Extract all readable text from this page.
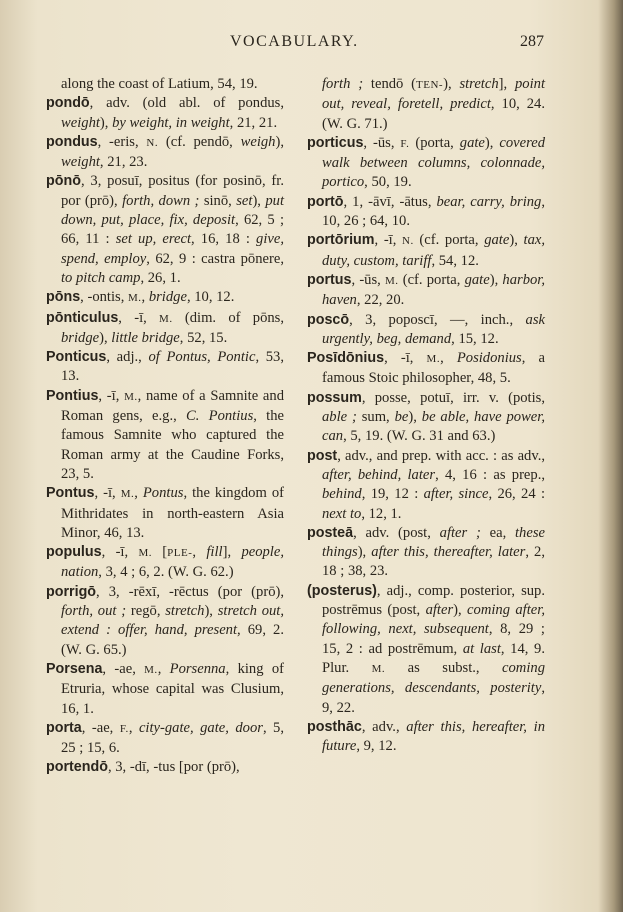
VOCABULARY.	287
along the coast of Latium, 54, 19.
pondō, adv. (old abl. of pondus, weight), by weight, in weight, 21, 21.
pondus, -eris, N. (cf. pendō, weigh), weight, 21, 23.
pōnō, 3, posuī, positus (for posinō, fr. por (prō), forth, down ; sinō, set), put down, put, place, fix, deposit, 62, 5 ; 66, 11 : set up, erect, 16, 18 : give, spend, employ, 62, 9 : castra pōnere, to pitch camp, 26, 1.
pōns, -ontis, M., bridge, 10, 12.
pōnticulus, -ī, M. (dim. of pōns, bridge), little bridge, 52, 15.
Ponticus, adj., of Pontus, Pontic, 53, 13.
Pontius, -ī, M., name of a Samnite and Roman gens, e.g., C. Pontius, the famous Samnite who captured the Roman army at the Caudine Forks, 23, 5.
Pontus, -ī, M., Pontus, the kingdom of Mithridates in north-eastern Asia Minor, 46, 13.
populus, -ī, M. [PLE-, fill], people, nation, 3, 4 ; 6, 2. (W. G. 62.)
porrigō, 3, -rēxī, -rēctus (por (prō), forth, out ; regō, stretch), stretch out, extend : offer, hand, present, 69, 2. (W. G. 65.)
Porsena, -ae, M., Porsenna, king of Etruria, whose capital was Clusium, 16, 1.
porta, -ae, F., city-gate, gate, door, 5, 25 ; 15, 6.
portendō, 3, -dī, -tus [por (prō),
forth ; tendō (TEN-), stretch], point out, reveal, foretell, predict, 10, 24. (W. G. 71.)
porticus, -ūs, F. (porta, gate), covered walk between columns, colonnade, portico, 50, 19.
portō, 1, -āvī, -ātus, bear, carry, bring, 10, 26 ; 64, 10.
portōrium, -ī, N. (cf. porta, gate), tax, duty, custom, tariff, 54, 12.
portus, -ūs, M. (cf. porta, gate), harbor, haven, 22, 20.
poscō, 3, poposcī, —, inch., ask urgently, beg, demand, 15, 12.
Posīdōnius, -ī, M., Posidonius, a famous Stoic philosopher, 48, 5.
possum, posse, potuī, irr. v. (potis, able ; sum, be), be able, have power, can, 5, 19. (W. G. 31 and 63.)
post, adv., and prep. with acc. : as adv., after, behind, later, 4, 16 : as prep., behind, 19, 12 : after, since, 26, 24 : next to, 12, 1.
posteā, adv. (post, after ; ea, these things), after this, thereafter, later, 2, 18 ; 38, 23.
(posterus), adj., comp. posterior, sup. postrēmus (post, after), coming after, following, next, subsequent, 8, 29 ; 15, 2 : ad postrēmum, at last, 14, 9. Plur. M. as subst., coming generations, descendants, posterity, 9, 22.
posthāc, adv., after this, hereafter, in future, 9, 12.
